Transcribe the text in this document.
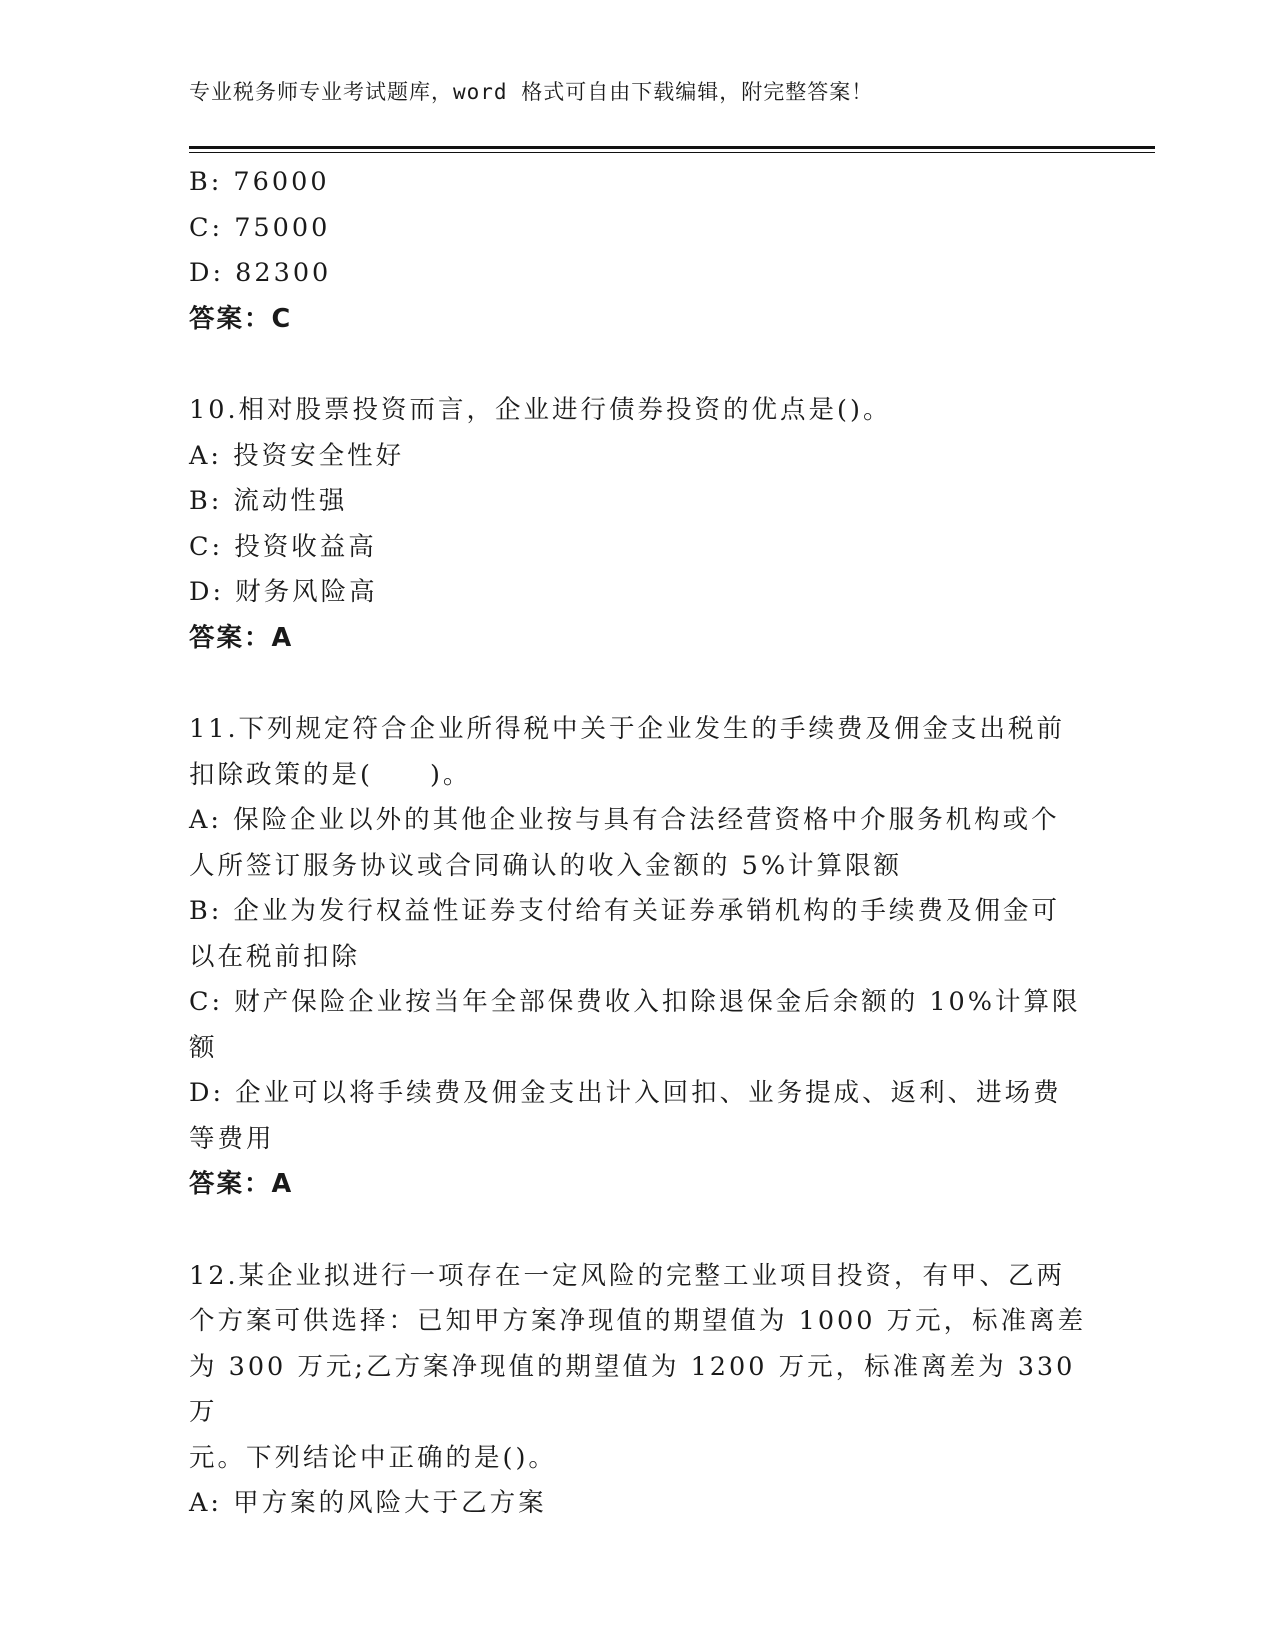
专业税务师专业考试题库，word 格式可自由下载编辑，附完整答案！
B: 76000
C: 75000
D: 82300
答案：C
10.相对股票投资而言，企业进行债券投资的优点是()。
A: 投资安全性好
B: 流动性强
C: 投资收益高
D: 财务风险高
答案：A
11.下列规定符合企业所得税中关于企业发生的手续费及佣金支出税前
扣除政策的是(　　)。
A: 保险企业以外的其他企业按与具有合法经营资格中介服务机构或个
人所签订服务协议或合同确认的收入金额的 5%计算限额
B: 企业为发行权益性证券支付给有关证券承销机构的手续费及佣金可
以在税前扣除
C: 财产保险企业按当年全部保费收入扣除退保金后余额的 10%计算限
额
D: 企业可以将手续费及佣金支出计入回扣、业务提成、返利、进场费
等费用
答案：A
12.某企业拟进行一项存在一定风险的完整工业项目投资，有甲、乙两
个方案可供选择：已知甲方案净现值的期望值为 1000 万元，标准离差
为 300 万元;乙方案净现值的期望值为 1200 万元，标准离差为 330 万
元。下列结论中正确的是()。
A: 甲方案的风险大于乙方案
